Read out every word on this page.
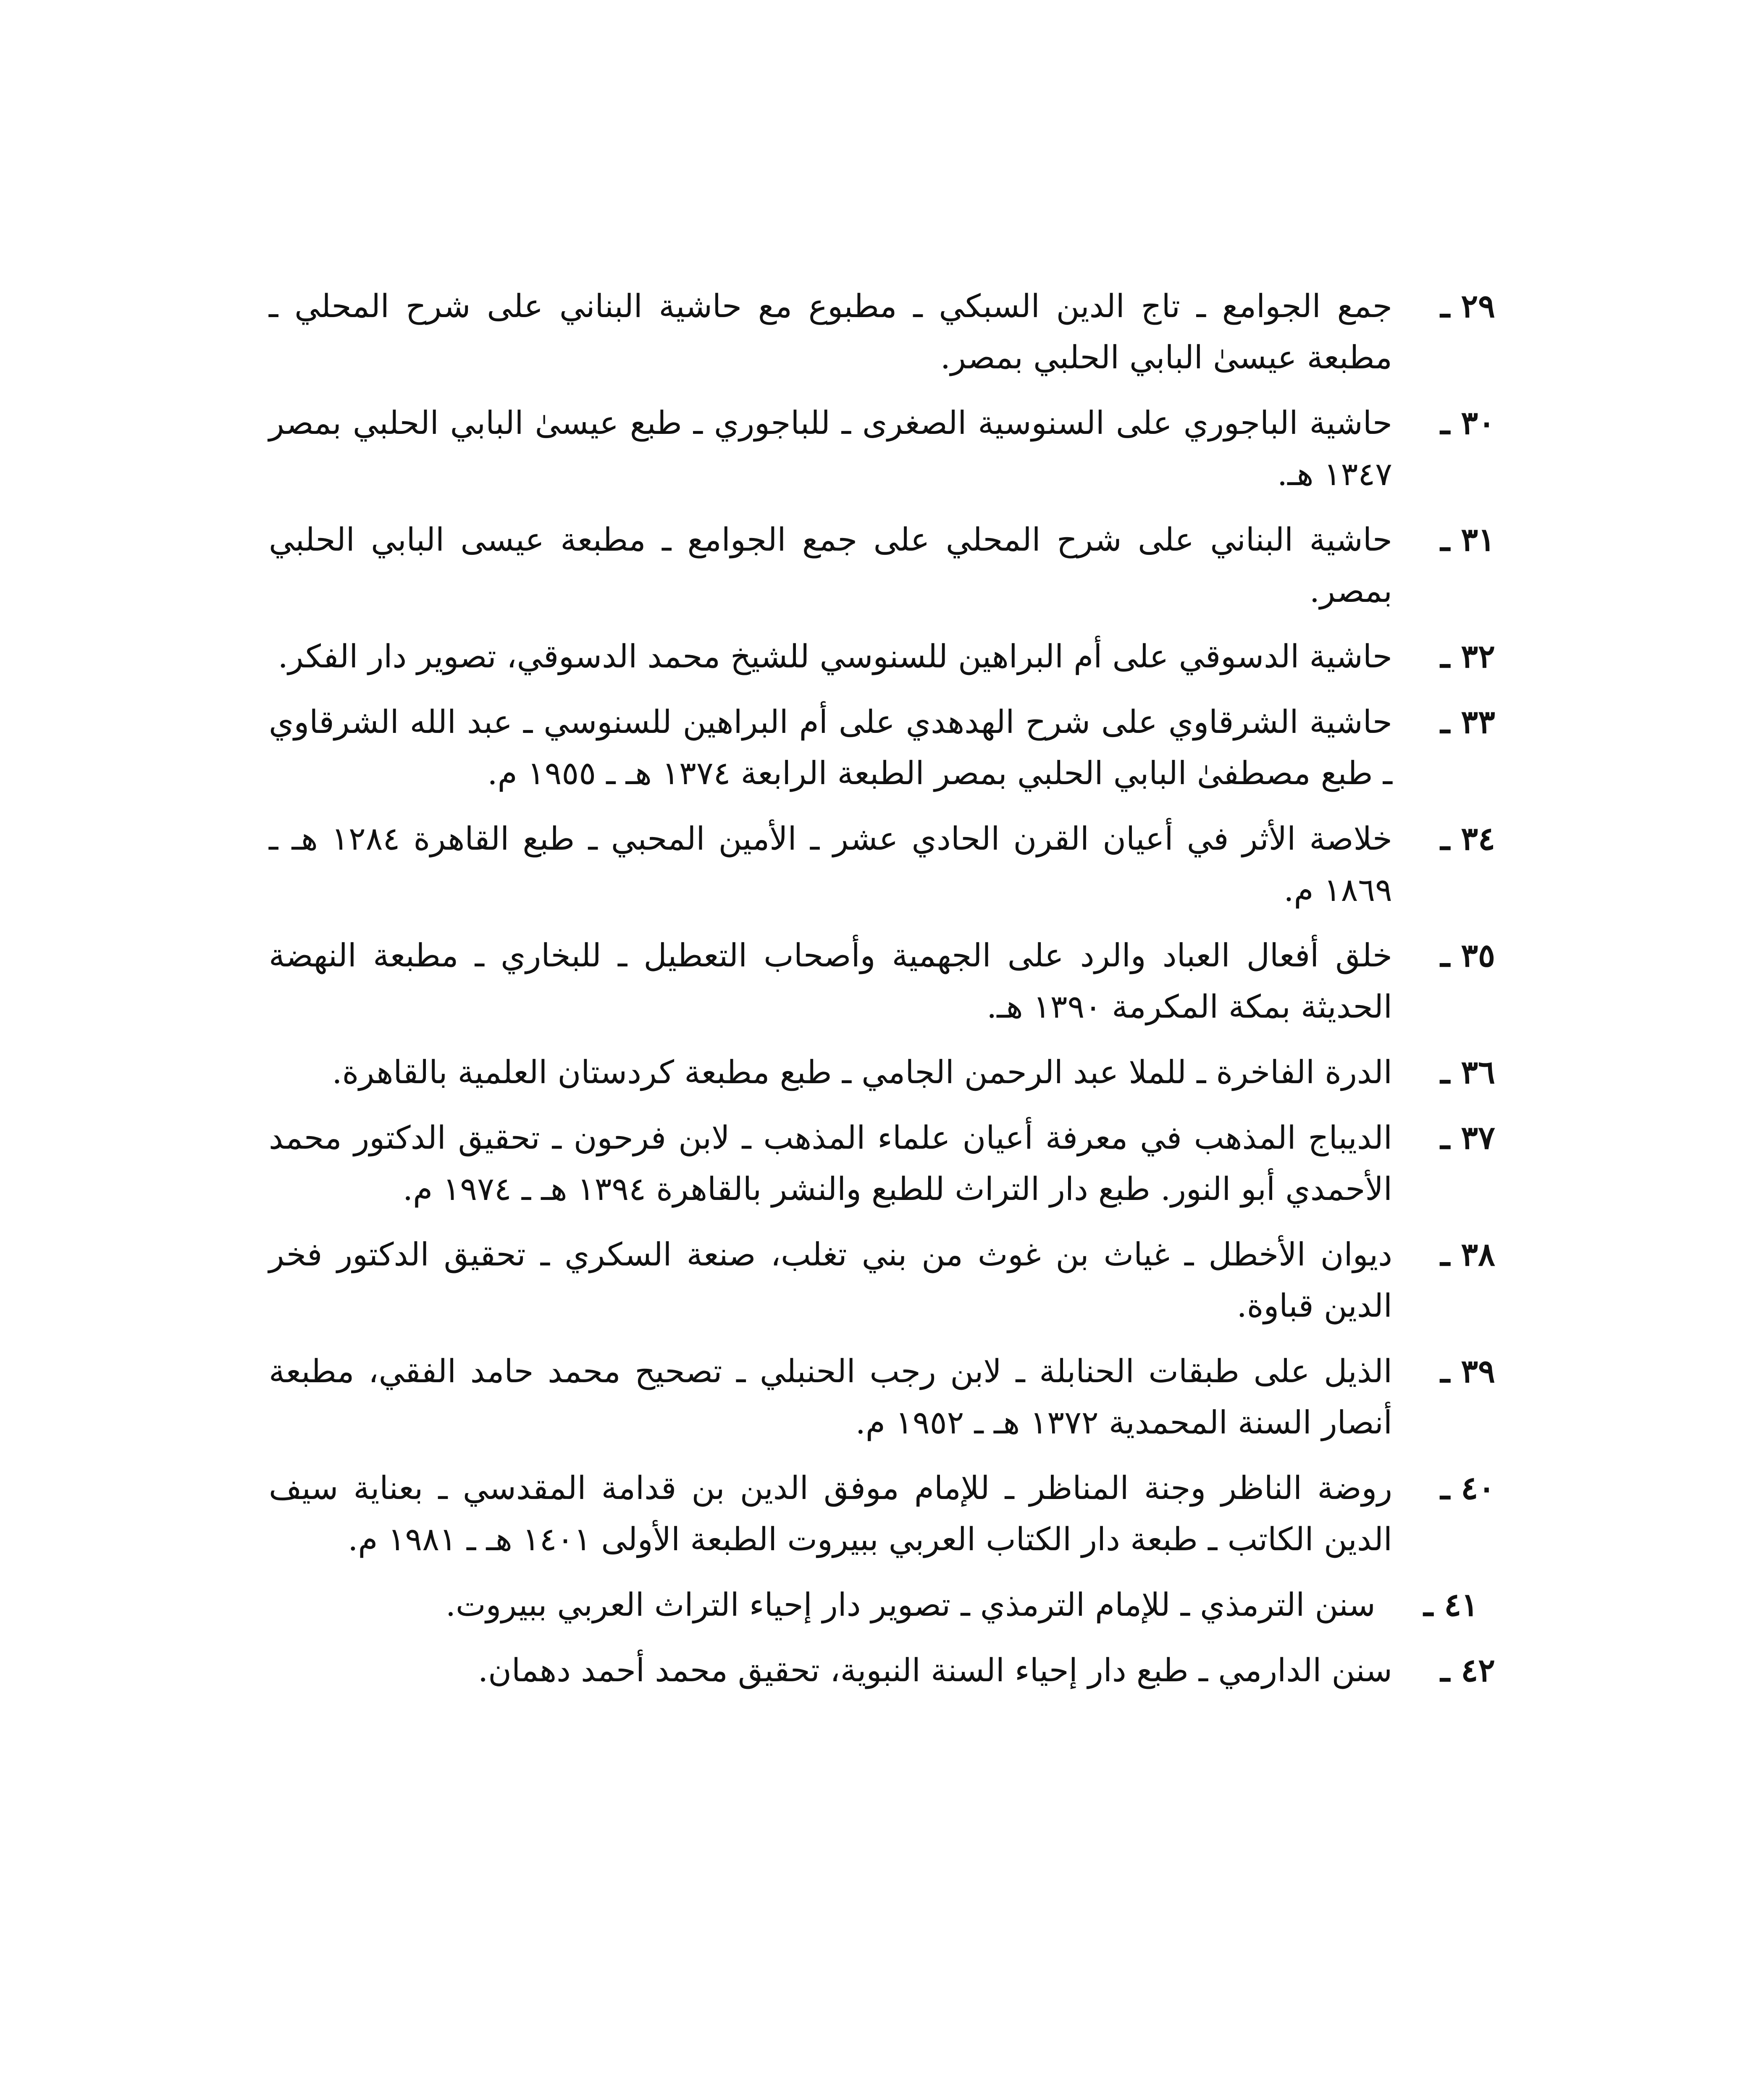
٢٩ ـ
جمع الجوامع ـ تاج الدين السبكي ـ مطبوع مع حاشية البناني على شرح المحلي ـ مطبعة عيسىٰ البابي الحلبي بمصر.
٣٠ ـ
حاشية الباجوري على السنوسية الصغرى ـ للباجوري ـ طبع عيسىٰ البابي الحلبي بمصر ١٣٤٧ هـ.
٣١ ـ
حاشية البناني على شرح المحلي على جمع الجوامع ـ مطبعة عيسى البابي الحلبي بمصر.
٣٢ ـ
حاشية الدسوقي على أم البراهين للسنوسي للشيخ محمد الدسوقي، تصوير دار الفكر.
٣٣ ـ
حاشية الشرقاوي على شرح الهدهدي على أم البراهين للسنوسي ـ عبد الله الشرقاوي ـ طبع مصطفىٰ البابي الحلبي بمصر الطبعة الرابعة ١٣٧٤ هـ ـ ١٩٥٥ م.
٣٤ ـ
خلاصة الأثر في أعيان القرن الحادي عشر ـ الأمين المحبي ـ طبع القاهرة ١٢٨٤ هـ ـ ١٨٦٩ م.
٣٥ ـ
خلق أفعال العباد والرد على الجهمية وأصحاب التعطيل ـ للبخاري ـ مطبعة النهضة الحديثة بمكة المكرمة ١٣٩٠ هـ.
٣٦ ـ
الدرة الفاخرة ـ للملا عبد الرحمن الجامي ـ طبع مطبعة كردستان العلمية بالقاهرة.
٣٧ ـ
الديباج المذهب في معرفة أعيان علماء المذهب ـ لابن فرحون ـ تحقيق الدكتور محمد الأحمدي أبو النور. طبع دار التراث للطبع والنشر بالقاهرة ١٣٩٤ هـ ـ ١٩٧٤ م.
٣٨ ـ
ديوان الأخطل ـ غياث بن غوث من بني تغلب، صنعة السكري ـ تحقيق الدكتور فخر الدين قباوة.
٣٩ ـ
الذيل على طبقات الحنابلة ـ لابن رجب الحنبلي ـ تصحيح محمد حامد الفقي، مطبعة أنصار السنة المحمدية ١٣٧٢ هـ ـ ١٩٥٢ م.
٤٠ ـ
روضة الناظر وجنة المناظر ـ للإمام موفق الدين بن قدامة المقدسي ـ بعناية سيف الدين الكاتب ـ طبعة دار الكتاب العربي ببيروت الطبعة الأولى ١٤٠١ هـ ـ ١٩٨١ م.
٤١ ـ
سنن الترمذي ـ للإمام الترمذي ـ تصوير دار إحياء التراث العربي ببيروت.
٤٢ ـ
سنن الدارمي ـ طبع دار إحياء السنة النبوية، تحقيق محمد أحمد دهمان.
